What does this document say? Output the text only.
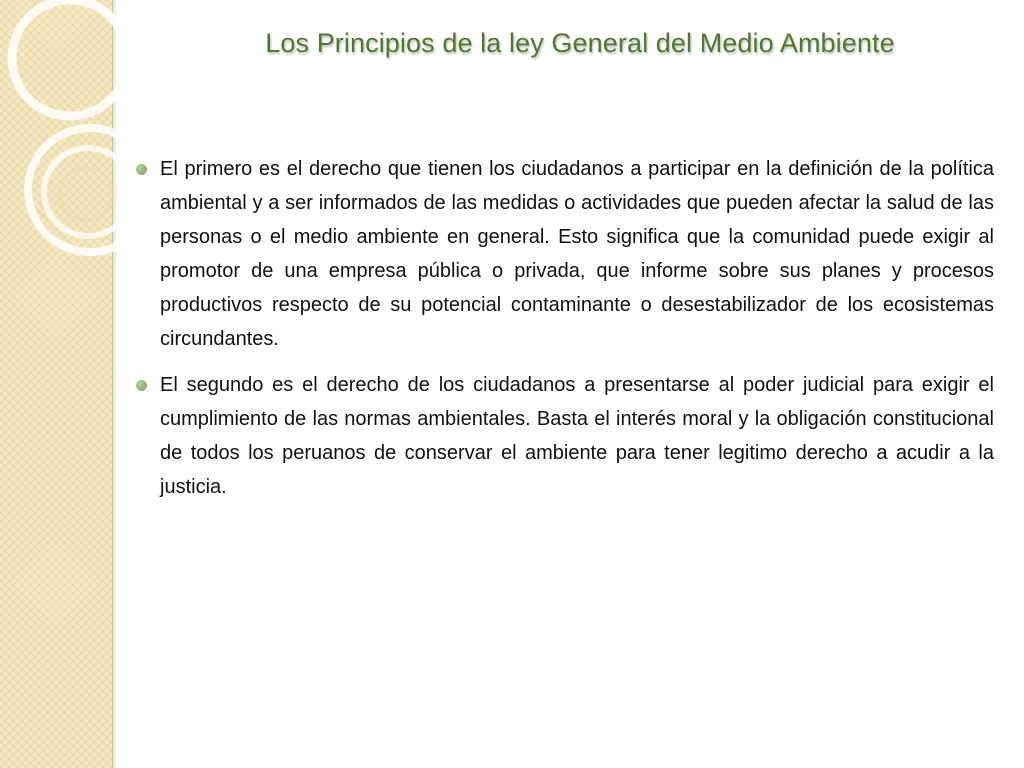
Los Principios de la ley General del Medio Ambiente
El primero es el derecho que tienen los ciudadanos a participar en la definición de la política ambiental y a ser informados de las medidas o actividades que pueden afectar la salud de las personas o el medio ambiente en general. Esto significa que la comunidad puede exigir al promotor de una empresa pública o privada, que informe sobre sus planes y procesos productivos respecto de su potencial contaminante o desestabilizador de los ecosistemas circundantes.
El segundo es el derecho de los ciudadanos a presentarse al poder judicial para exigir el cumplimiento de las normas ambientales. Basta el interés moral y la obligación constitucional de todos los peruanos de conservar el ambiente para tener legitimo derecho a acudir a la justicia.
